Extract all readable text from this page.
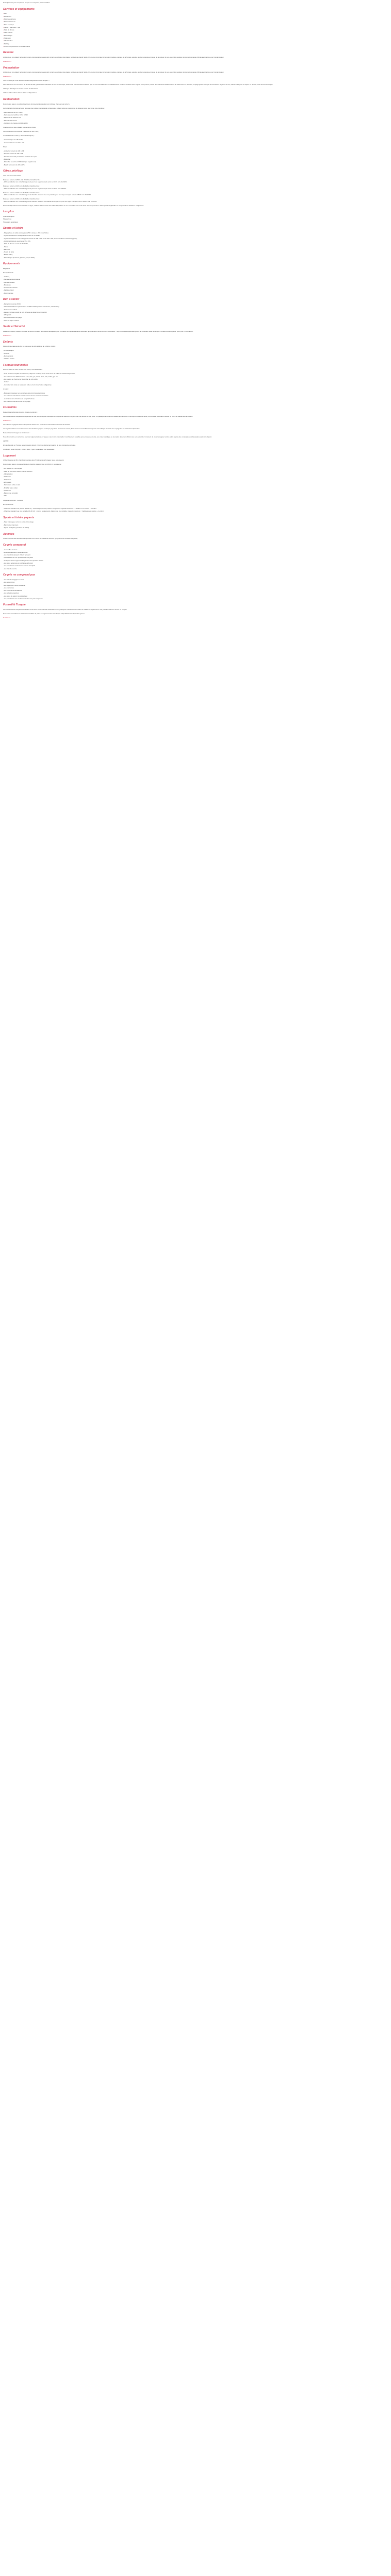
Description Ce prix comprend : Ce prix ne comprend pas Formalités

Services et équipements
• Wifi
• Restaurant
• Piscine extérieure
• Piscine intérieure
• Parc aquatique
• Sauna - Hammam - Spa
• Salle de fitness
• Club enfants
• Discothèque
• Télévision
• Climatisation
• Parking
• Accès aux personnes à mobilité réduite
Résumé

Ambiance et zen étalent barbantes to pays comprenant un vaous part compri de parfois et des plages bordées de grands hôtels. Il le permet d'occuper, à la région insolites exterieur de la Turquie, appelée la côte turquoise en raison de la couleur de ses eaux. Des vestiges témoignent du passé d'Antalya en tant que port romain majeur.

Read more...

Présentation

Ambiance et zen étalent barbantes to pays comprenant un vaous part compri de parfois et des plages bordées de grands hôtels. Il le permet d'occuper, à la région insolites exterieur de la Turquie, appelée la côte turquoise en raison de la couleur de ses eaux. Des vestiges témoignent du passé d'Antalya en tant que port romain majeur.

Read more...

Vous en avez par Fruit Sélection Vola Prestige Resort Hotel & Spa 5* !

Situé à environ 3 km du centre de la ville de Side, petite station balnéaire du sud de la Turquie, l'hôtel Side Prenses Resort Hotel & Spa 5* vous accueille dans un établissement moderne. Profitez d'une séjour, vous pourrez profiter des différentes infrastructures de l'hôtel dont les piscines, sa plage privée ainsi que les animations le jour et le soir, animée idéal pour un séjour en famille, entre amis ou en couple.

Libérapré d'Antalya est situé à environ 63 kilomètres.

L'hôtel est Travelfan's Choice 2023 sur TripAdvisor.

Restauration

Durant votre séjour, vous bénéficiez de la formule tout inclus plus (voir rubrique "formule tout inclus").

Le restaurant principal sert vous propose une cuisine internationale à travers ses buffets variés et vous donne de déjeuner sous une forme très complète :

- Petit déjeuner de 07h à 10h
- Petit déjeuner tardif de 10h à 10h30
- Déjeuner de 12h30 à 14h
- Dîner de 19h à 21h
- Collations de l'après-midi 13h à 00h

Snacks au Pool bar et Beach bar de 12h à 15h00,

Tea time au Pool bar aussi le Pâtisserie de 12h à 17h,

2 restaurants à la carte (1 dîner / 1 fois/séjour) :

- Cuisine turque de 19h à 21h,
- Cuisine italienne de 19h à 21h.

5 bars :

- Lobby bar ouvert de 10h à 00h
- Pool bar ouvert de 10h à 00h
- Service des snack pendant les horaires des repas
- Bistro bar
- Disco bar ouvert de 23h30 à 2h (en supplément)
- Beach bar ouvert de 10h à 17h
Offres privilège

VOS AVANTAGES FRAM

Réservez entre le 11/9/23 et le 26/2/24 et bénéficiez de :
- 20% de réduction sur votre hébergement pour tout séjour compris entre le 1/4/24 et le 31/10/24.

Réservez entre le 1/3/24 et le 31/3/24 et bénéficiez de :
- 15% de réduction sur votre hébergement pour tout séjour compris entre le 1/5/24 et le 28/2/24.

Réservez entre le 1/3/24 et le 31/3/24 et bénéficiez de :
- 15% de réduction sur votre hébergement chambre standard vue mer partielle pour tout séjour compris entre le 1/5/24 et le 31/10/24.

Réservez entre le 1/3/24 et le 31/3/24 et bénéficiez de :
- 20% de réduction sur votre hébergement chambre standard vue latérale à vue piscine pour tout séjour compris entre le 1/5/24 et le 31/10/24.

Diverses déjà incluses dans les tarifs en ligne, valables dans la limite des offres disponibles et non cumulable avec toute autre offre ou promotion. Offre spéciale applicable sur les prestations hôtelières uniquement.

Les plus
Chambres triples
Plage privée
Toboggans aquatiques
Sports et loisirs
- Plage privée de sable aménagée de 50 m située à 200 m de l'hôtel,
- 1 piscine extérieure rectangulaire ouverte de 7h à 19h,
- 1 piscine extérieure avec toboggans ouverte de 10h à 12h et de 14h à 16h (selon conditions météorologiques),
- 1 piscine intérieure ouverte de 7h à 19h,
- Salle de fitness ouverte de 7h à 19h,
- Sauna
- Bain turc
- Tennis de table
- Beach-volley
- Discothèque (boissons gratuites jusqu'à 2h30).
Equipements

Bagagerie

En supplément :

- Coiffeur,
- Service de blanchisserie
- Service médical
- Boutiques
- Location de voitures
- Parking gratuit
- Room service
Bon à savoir
- Réception ouverte 24h/24
- Hôtel accessible aux personnes à mobilité réduite (parties communes, 4 chambres).
- Animaux non admis.
- Heure d'arrivée à partir de 14h et heure de départ à partir de 12h
- Wifi gratuit
- Prêt de serviettes de plage
- Taxe de séjour incluse.
Santé et Sécurité

Avant votre départ, veuillez consulter le site du ministère des Affaires étrangères pour connaître les risques sanitaires éventuels qui pourraient concerner votre destination : http://XXXXwww.diplomatie.gouv.fr. Et consultez aussi la rubrique "conseils aux voyageurs" pour plus d'informations.

Read more...

Enfants

Mini club international de 4 à 12 ans ouvert de 10h à 12h et de 14h30 à 16h30 :

- Accueil adapté
- Lit bébé
- Menu enfants
- Chaises hautes
Formule tout inclus

Dans le cadre de votre formule tout inclus, vous bénéficiez :

- de la pension complète au restaurant, déjeuner et dîner) servie sous forme de buffet au restaurant principal,
- des boissons aux différents bars : thé, café, jus, sodas, bière, soft, vodka, gin, etc.
- des snacks au Pool bar et Beach bar de 12h à 15h,
- Goûter
- d'un dîner à la carte au restaurant italien et turc (réservation obligatoire)

A noter :

- Boissons importées non comprises dans la formule tout inclus
- Les boissons alcoolisées sont servies selon les horaires et les bars
- Le minibar de la chambre est rempli à l'arrivée
- Les boissons servies au bar de la plage
Formalités

Ressortissants français (adultes, bébés et enfants) :

Les ressortissants français sont dispensés de visa pour un séjour touristique en Turquie de maximum 90 jours sur une période de 180 jours. Un passeport en cours de validité (au minimum 6 mois après la date de retour) ou une carte nationale d'identité en cours de validité est nécessaire.

Read more...

Les mineurs voyageant sans leurs parents doivent être munis d'une autorisation de sortie de territoire.

Les règles relatives au franchissement des frontières propres à chaque pays étant amenées à évoluer, il est vivement conseillé de se reporter à la rubrique "conseils aux voyageurs" du site France Diplomatie.

Ressortissants étrangers et binationaux :

Nous devons être en conformité avec les réglementations en vigueur, selon votre nationalité. Il est fortement possible qu'en prospect, un visa, une carte touristique ou tout autre document officiel vous soit demandé. Il convient de vous renseigner sur les délais auprès des consulats ou ambassades avant votre départ.

L'ESTA :

En cas d'escale en Turquie, les voyageurs doivent s'informer directement auprès de leur compagnie aérienne.

COURANT ELECTRIQUE : 220V à 50Hz. Type F. Adaptateur non nécessaire.

Logement

L'hôtel dispose de 361 chambres réparties dans 5 bâtiments de 8 étages (avec ascenseurs).

Durant votre séjour, vous serez logé en chambre standard vue sur 28-30 m² équipée de :

- 2 lit double ou 2 lits simples
- Salle de bain avec douche, sèche-cheveux
- Climatisation
- Télévision
- Téléphone
- Wifi gratuit
- Nécessaire à thé et café
- Mini-bar (eau, soda)
- Coffre-fort
- Balcon vue sur jardin
- Wifi

Capacité maximum : 3 adultes

En supplément :

- Chambre standard vue piscine (26-30 m²) : mêmes équipements, balcon vue piscine. Capacité maximum : 3 adultes ou 2 adultes + 1 enfant
- Chambre standard vue mer partielle (26-30 m²) : mêmes équipements, balcon vue mer partielle. Capacité maximum : 3 adultes ou 2 adultes + 1 enfant
Sports et loisirs payants
- Spa : massages, soins du corps et du visage
- Bain turc et hammam
- Sports nautiques (proximité de l'hôtel)
Activités

L'hôtel propose des animations en journée et en soirée du 1/5/24 au 31/10/24 (programme à consulter sur place).

Ce prix comprend
- Le vol aller et retour
- Le forfait bancaire et taxes aéroport
- Les transferts aéroport / hôtel / aéroport
- L'assistance de nos représentants sur place
- Le séjour selon le type d'hébergement et la pension choisis
- Les taxes aériennes et surcharge carburant
- Les prestations mentionnées dans le descriptif
- Les frais de service
Ce prix ne comprend pas
- Les frais de bagages en soute
- Les assurances
- Les dépenses d'ordre personnel
- Les pourboires
- Les excursions facultatives
- Les activités payantes
- Les taxes de séjour (si applicables)
- Les prestations non mentionnées dans "ce prix comprend"
Formalité Turquie

Les ressortissants français doivent être munis d'une carte nationale d'identité ou d'un passeport individuel dont la date de validité est supérieure à 150 jours à la date de l'entrée en Turquie.

Nous vous conseillons de vérifier les formalités de police en vigueur avant votre départ : http://XXXXwww.diplomatie.gouv.fr

Read more...
